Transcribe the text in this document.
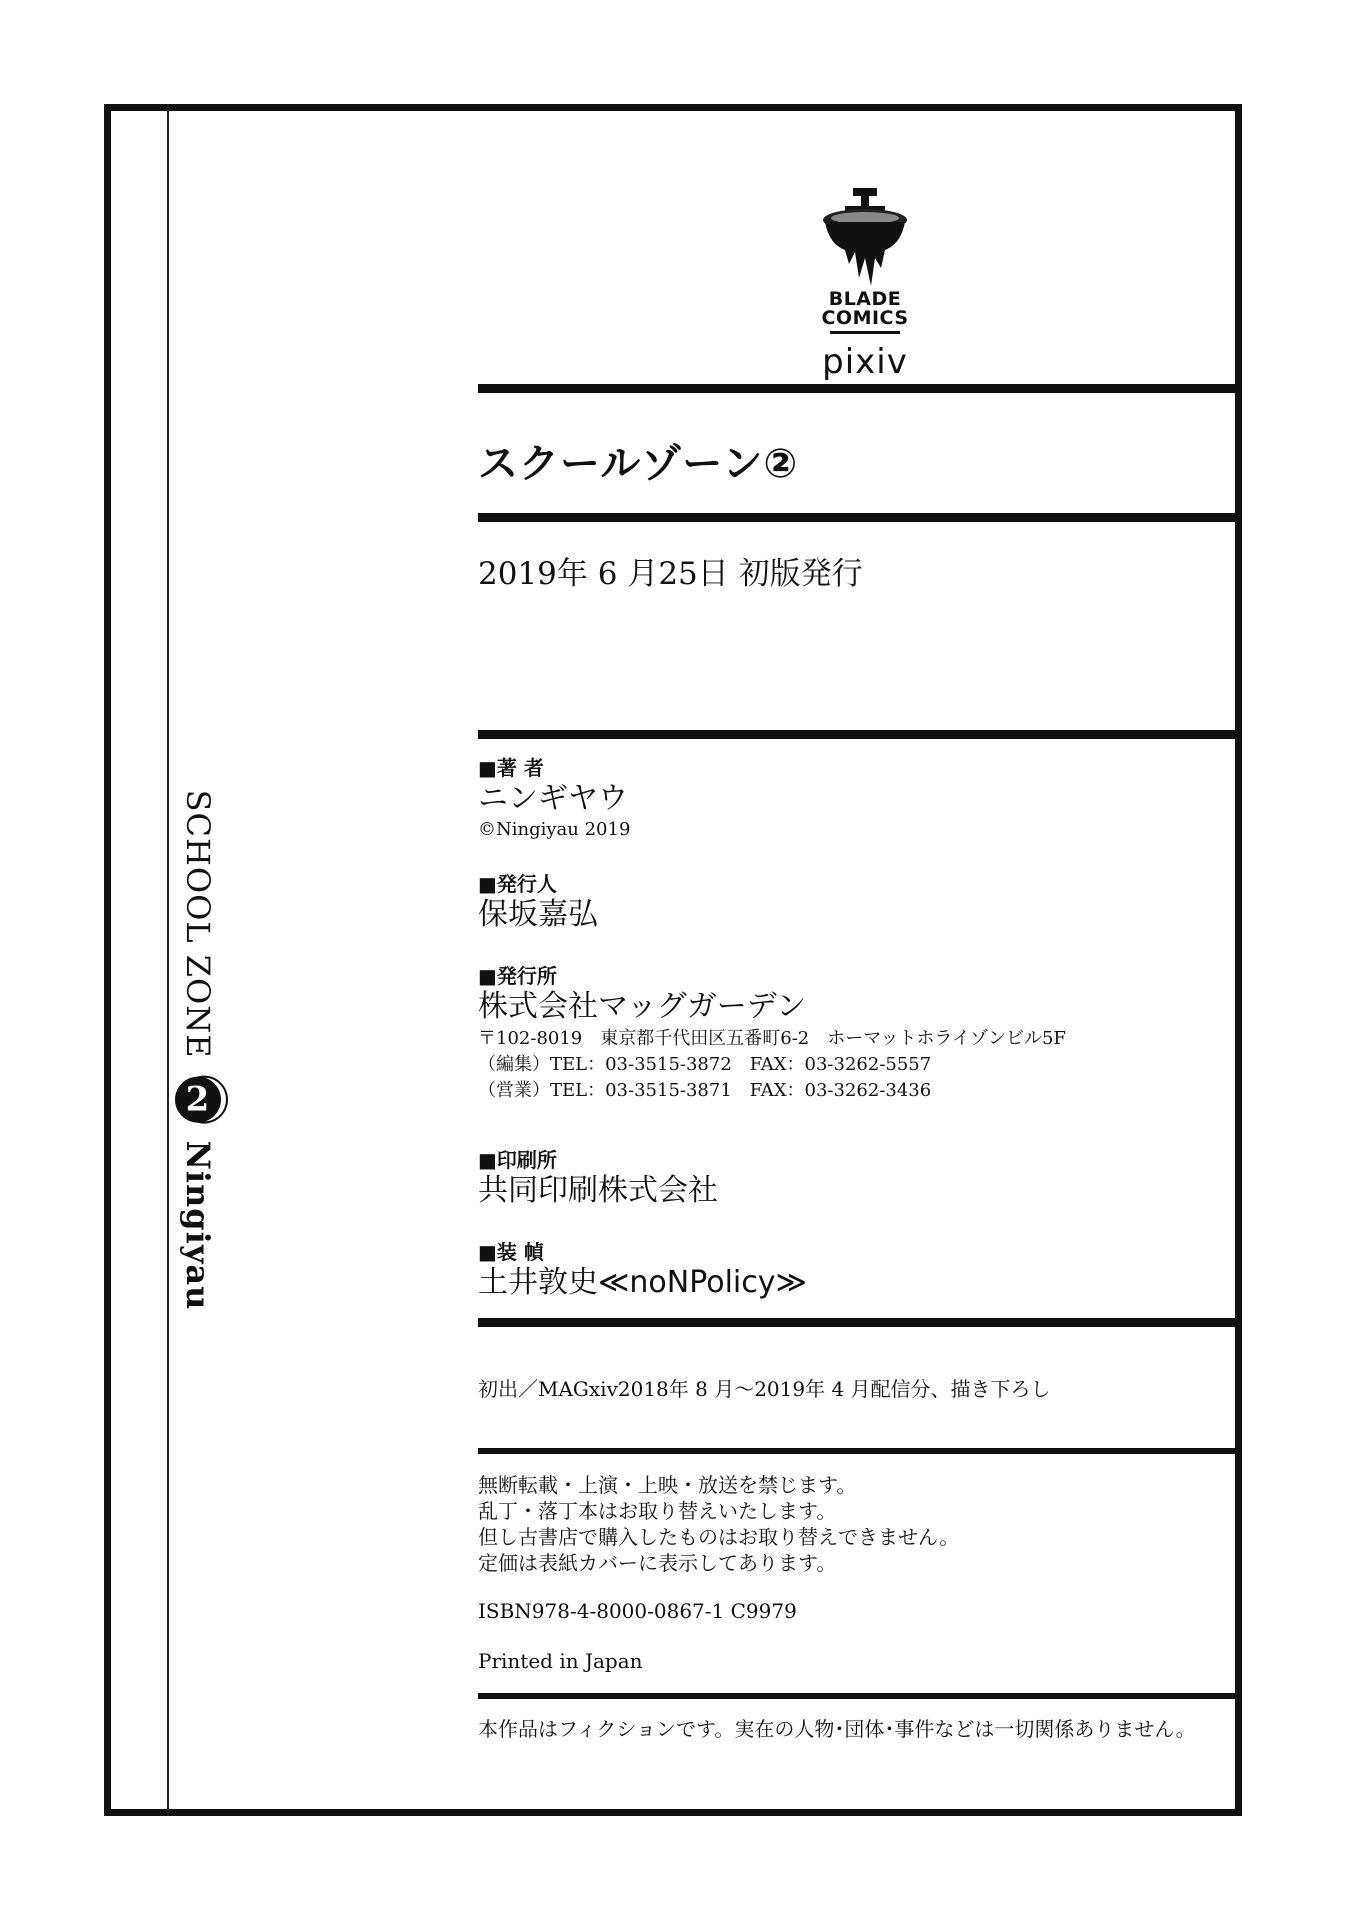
SCHOOL ZONE2Ningiyau
BLADE
COMICS
pixiv
スクールゾーン②
2019年 6 月25日 初版発行
■著 者
ニンギヤウ
©Ningiyau 2019
■発行人
保坂嘉弘
■発行所
株式会社マッグガーデン
〒102-8019　東京都千代田区五番町6-2　ホーマットホライゾンビル5F
（編集）TEL：03-3515-3872　FAX：03-3262-5557
（営業）TEL：03-3515-3871　FAX：03-3262-3436
■印刷所
共同印刷株式会社
■装 幀
土井敦史≪noNPolicy≫
初出／MAGxiv2018年 8 月〜2019年 4 月配信分、描き下ろし
無断転載・上演・上映・放送を禁じます。
乱丁・落丁本はお取り替えいたします。
但し古書店で購入したものはお取り替えできません。
定価は表紙カバーに表示してあります。
ISBN978-4-8000-0867-1 C9979
Printed in Japan
本作品はフィクションです。実在の人物･団体･事件などは一切関係ありません。
